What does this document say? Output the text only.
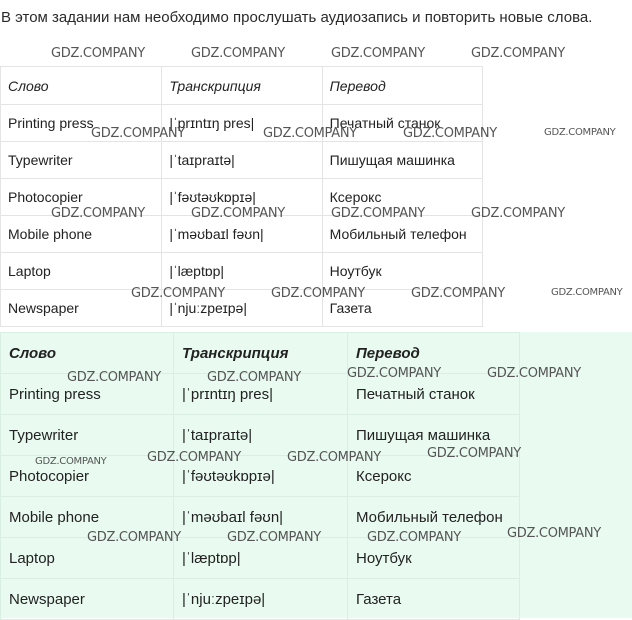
В этом задании нам необходимо прослушать аудиозапись и повторить новые слова.
Слово	Транскрипция	Перевод
Printing press	|ˈprɪntɪŋ pres|	Печатный станок
Typewriter	|ˈtaɪpraɪtə|	Пишущая машинка
Photocopier	|ˈfəʊtəʊkɒpɪə|	Ксерокс
Mobile phone	|ˈməʊbaɪl fəʊn|	Мобильный телефон
Laptop	|ˈlæptɒp|	Ноутбук
Newspaper	|ˈnjuːzpeɪpə|	Газета
Слово	Транскрипция	Перевод
Printing press	|ˈprɪntɪŋ pres|	Печатный станок
Typewriter	|ˈtaɪpraɪtə|	Пишущая машинка
Photocopier	|ˈfəʊtəʊkɒpɪə|	Ксерокс
Mobile phone	|ˈməʊbaɪl fəʊn|	Мобильный телефон
Laptop	|ˈlæptɒp|	Ноутбук
Newspaper	|ˈnjuːzpeɪpə|	Газета
GDZ.COMPANY	GDZ.COMPANY	GDZ.COMPANY	GDZ.COMPANY
GDZ.COMPANY	GDZ.COMPANY	GDZ.COMPANY	GDZ.COMPANY
GDZ.COMPANY	GDZ.COMPANY	GDZ.COMPANY	GDZ.COMPANY
GDZ.COMPANY	GDZ.COMPANY	GDZ.COMPANY	GDZ.COMPANY
GDZ.COMPANY	GDZ.COMPANY	GDZ.COMPANY	GDZ.COMPANY
GDZ.COMPANY	GDZ.COMPANY	GDZ.COMPANY	GDZ.COMPANY
GDZ.COMPANY	GDZ.COMPANY	GDZ.COMPANY	GDZ.COMPANY
